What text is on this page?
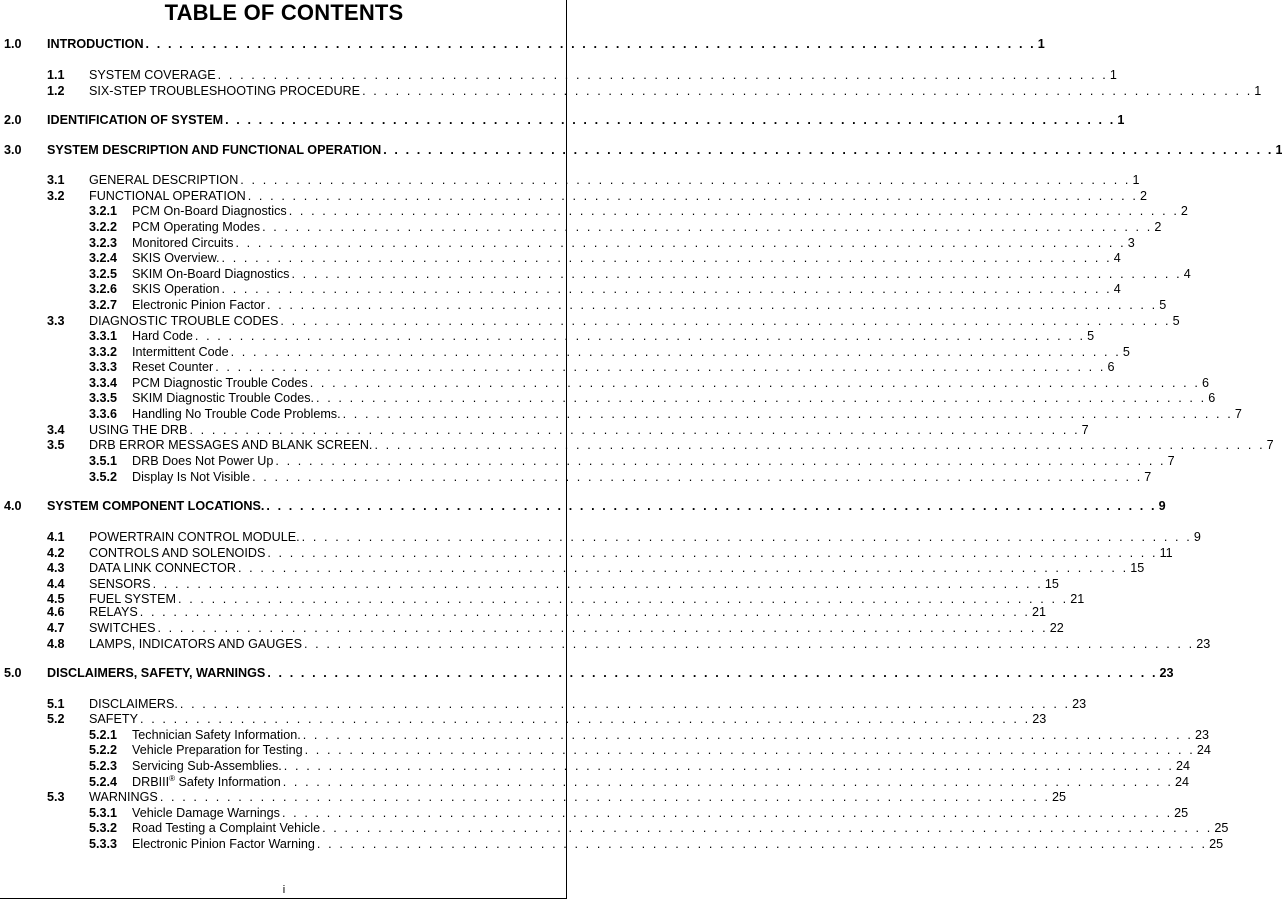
TABLE OF CONTENTS
1.0 INTRODUCTION . . . . . . . . . . . . . . . . . . . . . . . . . . . . . . . . . . . . . . . . . . . . . . . . . . . . . . . . . . . . . . . . . . . . . . . . . . . . . . . . 1
1.1 SYSTEM COVERAGE . . . . . . . . . . . . . . . . . . . . . . . . . . . . . . . . . . . . . . . . . . . . . . . . . . . . . . . . . . . . . . . . . . . . . . . . . . . . . . . . 1
1.2 SIX-STEP TROUBLESHOOTING PROCEDURE . . . . . . . . . . . . . . . . . . . . . . . . . . . . . . . . . . . . . . . . . . . . . . . . . . . . . . . . . . . . . . . . . . . . . . . . . . . . . . . . 1
2.0 IDENTIFICATION OF SYSTEM . . . . . . . . . . . . . . . . . . . . . . . . . . . . . . . . . . . . . . . . . . . . . . . . . . . . . . . . . . . . . . . . . . . . . . . . . . . . . . . . 1
3.0 SYSTEM DESCRIPTION AND FUNCTIONAL OPERATION . . . . . . . . . . . . . . . . . . . . . . . . . . . . . . . . . . . . . . . . . . . . . . . . . . . . . . . . . . . . . . . . . . . . . . . . . . . . . . . . 1
3.1 GENERAL DESCRIPTION . . . . . . . . . . . . . . . . . . . . . . . . . . . . . . . . . . . . . . . . . . . . . . . . . . . . . . . . . . . . . . . . . . . . . . . . . . . . . . . . 1
3.2 FUNCTIONAL OPERATION . . . . . . . . . . . . . . . . . . . . . . . . . . . . . . . . . . . . . . . . . . . . . . . . . . . . . . . . . . . . . . . . . . . . . . . . . . . . . . . . 2
3.2.1 PCM On-Board Diagnostics . . . . . . . . . . . . . . . . . . . . . . . . . . . . . . . . . . . . . . . . . . . . . . . . . . . . . . . . . . . . . . . . . . . . . . . . . . . . . . . . 2
3.2.2 PCM Operating Modes . . . . . . . . . . . . . . . . . . . . . . . . . . . . . . . . . . . . . . . . . . . . . . . . . . . . . . . . . . . . . . . . . . . . . . . . . . . . . . . . 2
3.2.3 Monitored Circuits . . . . . . . . . . . . . . . . . . . . . . . . . . . . . . . . . . . . . . . . . . . . . . . . . . . . . . . . . . . . . . . . . . . . . . . . . . . . . . . . 3
3.2.4 SKIS Overview. . . . . . . . . . . . . . . . . . . . . . . . . . . . . . . . . . . . . . . . . . . . . . . . . . . . . . . . . . . . . . . . . . . . . . . . . . . . . . . . . 4
3.2.5 SKIM On-Board Diagnostics . . . . . . . . . . . . . . . . . . . . . . . . . . . . . . . . . . . . . . . . . . . . . . . . . . . . . . . . . . . . . . . . . . . . . . . . . . . . . . . . 4
3.2.6 SKIS Operation . . . . . . . . . . . . . . . . . . . . . . . . . . . . . . . . . . . . . . . . . . . . . . . . . . . . . . . . . . . . . . . . . . . . . . . . . . . . . . . . 4
3.2.7 Electronic Pinion Factor . . . . . . . . . . . . . . . . . . . . . . . . . . . . . . . . . . . . . . . . . . . . . . . . . . . . . . . . . . . . . . . . . . . . . . . . . . . . . . . . 5
3.3 DIAGNOSTIC TROUBLE CODES . . . . . . . . . . . . . . . . . . . . . . . . . . . . . . . . . . . . . . . . . . . . . . . . . . . . . . . . . . . . . . . . . . . . . . . . . . . . . . . . 5
3.3.1 Hard Code . . . . . . . . . . . . . . . . . . . . . . . . . . . . . . . . . . . . . . . . . . . . . . . . . . . . . . . . . . . . . . . . . . . . . . . . . . . . . . . . 5
3.3.2 Intermittent Code . . . . . . . . . . . . . . . . . . . . . . . . . . . . . . . . . . . . . . . . . . . . . . . . . . . . . . . . . . . . . . . . . . . . . . . . . . . . . . . . 5
3.3.3 Reset Counter . . . . . . . . . . . . . . . . . . . . . . . . . . . . . . . . . . . . . . . . . . . . . . . . . . . . . . . . . . . . . . . . . . . . . . . . . . . . . . . . 6
3.3.4 PCM Diagnostic Trouble Codes . . . . . . . . . . . . . . . . . . . . . . . . . . . . . . . . . . . . . . . . . . . . . . . . . . . . . . . . . . . . . . . . . . . . . . . . . . . . . . . . 6
3.3.5 SKIM Diagnostic Trouble Codes. . . . . . . . . . . . . . . . . . . . . . . . . . . . . . . . . . . . . . . . . . . . . . . . . . . . . . . . . . . . . . . . . . . . . . . . . . . . . . . . . 6
3.3.6 Handling No Trouble Code Problems. . . . . . . . . . . . . . . . . . . . . . . . . . . . . . . . . . . . . . . . . . . . . . . . . . . . . . . . . . . . . . . . . . . . . . . . . . . . . . . . . 7
3.4 USING THE DRB . . . . . . . . . . . . . . . . . . . . . . . . . . . . . . . . . . . . . . . . . . . . . . . . . . . . . . . . . . . . . . . . . . . . . . . . . . . . . . . . 7
3.5 DRB ERROR MESSAGES AND BLANK SCREEN. . . . . . . . . . . . . . . . . . . . . . . . . . . . . . . . . . . . . . . . . . . . . . . . . . . . . . . . . . . . . . . . . . . . . . . . . . . . . . . . . 7
3.5.1 DRB Does Not Power Up . . . . . . . . . . . . . . . . . . . . . . . . . . . . . . . . . . . . . . . . . . . . . . . . . . . . . . . . . . . . . . . . . . . . . . . . . . . . . . . . 7
3.5.2 Display Is Not Visible . . . . . . . . . . . . . . . . . . . . . . . . . . . . . . . . . . . . . . . . . . . . . . . . . . . . . . . . . . . . . . . . . . . . . . . . . . . . . . . . 7
4.0 SYSTEM COMPONENT LOCATIONS. . . . . . . . . . . . . . . . . . . . . . . . . . . . . . . . . . . . . . . . . . . . . . . . . . . . . . . . . . . . . . . . . . . . . . . . . . . . . . . . . 9
4.1 POWERTRAIN CONTROL MODULE. . . . . . . . . . . . . . . . . . . . . . . . . . . . . . . . . . . . . . . . . . . . . . . . . . . . . . . . . . . . . . . . . . . . . . . . . . . . . . . . . 9
4.2 CONTROLS AND SOLENOIDS . . . . . . . . . . . . . . . . . . . . . . . . . . . . . . . . . . . . . . . . . . . . . . . . . . . . . . . . . . . . . . . . . . . . . . . . . . . . . . . . 11
4.3 DATA LINK CONNECTOR . . . . . . . . . . . . . . . . . . . . . . . . . . . . . . . . . . . . . . . . . . . . . . . . . . . . . . . . . . . . . . . . . . . . . . . . . . . . . . . . 15
4.4 SENSORS . . . . . . . . . . . . . . . . . . . . . . . . . . . . . . . . . . . . . . . . . . . . . . . . . . . . . . . . . . . . . . . . . . . . . . . . . . . . . . . . 15
4.5 FUEL SYSTEM . . . . . . . . . . . . . . . . . . . . . . . . . . . . . . . . . . . . . . . . . . . . . . . . . . . . . . . . . . . . . . . . . . . . . . . . . . . . . . . . 21
4.6 RELAYS . . . . . . . . . . . . . . . . . . . . . . . . . . . . . . . . . . . . . . . . . . . . . . . . . . . . . . . . . . . . . . . . . . . . . . . . . . . . . . . . 21
4.7 SWITCHES . . . . . . . . . . . . . . . . . . . . . . . . . . . . . . . . . . . . . . . . . . . . . . . . . . . . . . . . . . . . . . . . . . . . . . . . . . . . . . . . 22
4.8 LAMPS, INDICATORS AND GAUGES . . . . . . . . . . . . . . . . . . . . . . . . . . . . . . . . . . . . . . . . . . . . . . . . . . . . . . . . . . . . . . . . . . . . . . . . . . . . . . . . 23
5.0 DISCLAIMERS, SAFETY, WARNINGS . . . . . . . . . . . . . . . . . . . . . . . . . . . . . . . . . . . . . . . . . . . . . . . . . . . . . . . . . . . . . . . . . . . . . . . . . . . . . . . . 23
5.1 DISCLAIMERS. . . . . . . . . . . . . . . . . . . . . . . . . . . . . . . . . . . . . . . . . . . . . . . . . . . . . . . . . . . . . . . . . . . . . . . . . . . . . . . . . 23
5.2 SAFETY . . . . . . . . . . . . . . . . . . . . . . . . . . . . . . . . . . . . . . . . . . . . . . . . . . . . . . . . . . . . . . . . . . . . . . . . . . . . . . . . 23
5.2.1 Technician Safety Information. . . . . . . . . . . . . . . . . . . . . . . . . . . . . . . . . . . . . . . . . . . . . . . . . . . . . . . . . . . . . . . . . . . . . . . . . . . . . . . . . 23
5.2.2 Vehicle Preparation for Testing . . . . . . . . . . . . . . . . . . . . . . . . . . . . . . . . . . . . . . . . . . . . . . . . . . . . . . . . . . . . . . . . . . . . . . . . . . . . . . . . 24
5.2.3 Servicing Sub-Assemblies. . . . . . . . . . . . . . . . . . . . . . . . . . . . . . . . . . . . . . . . . . . . . . . . . . . . . . . . . . . . . . . . . . . . . . . . . . . . . . . . . 24
5.2.4 DRBIII® Safety Information . . . . . . . . . . . . . . . . . . . . . . . . . . . . . . . . . . . . . . . . . . . . . . . . . . . . . . . . . . . . . . . . . . . . . . . . . . . . . . . . 24
5.3 WARNINGS . . . . . . . . . . . . . . . . . . . . . . . . . . . . . . . . . . . . . . . . . . . . . . . . . . . . . . . . . . . . . . . . . . . . . . . . . . . . . . . . 25
5.3.1 Vehicle Damage Warnings . . . . . . . . . . . . . . . . . . . . . . . . . . . . . . . . . . . . . . . . . . . . . . . . . . . . . . . . . . . . . . . . . . . . . . . . . . . . . . . . 25
5.3.2 Road Testing a Complaint Vehicle . . . . . . . . . . . . . . . . . . . . . . . . . . . . . . . . . . . . . . . . . . . . . . . . . . . . . . . . . . . . . . . . . . . . . . . . . . . . . . . . 25
5.3.3 Electronic Pinion Factor Warning . . . . . . . . . . . . . . . . . . . . . . . . . . . . . . . . . . . . . . . . . . . . . . . . . . . . . . . . . . . . . . . . . . . . . . . . . . . . . . . . 25
i
